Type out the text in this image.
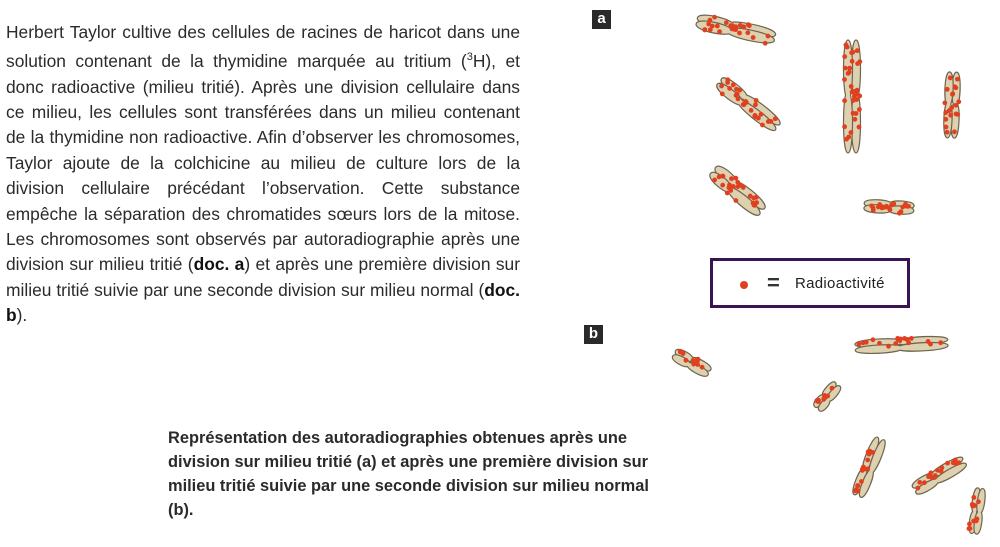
Herbert Taylor cultive des cellules de racines de haricot dans une solution contenant de la thymidine marquée au tritium ($^3$H), et donc radioactive (milieu tritié). Après une division cellulaire dans ce milieu, les cellules sont transférées dans un milieu contenant de la thymidine non radioactive. Afin d’observer les chromosomes, Taylor ajoute de la colchicine au milieu de culture lors de la division cellulaire précédant l’observation. Cette substance empêche la séparation des chromatides sœurs lors de la mitose. Les chromosomes sont observés par autoradiographie après une division sur milieu tritié (doc. a) et après une première division sur milieu tritié suivie par une seconde division sur milieu normal (doc. b).

Représentation des autoradiographies obtenues après une division sur milieu tritié (a) et après une première division sur milieu tritié suivie par une seconde division sur milieu normal (b).

a
b
= Radioactivité
